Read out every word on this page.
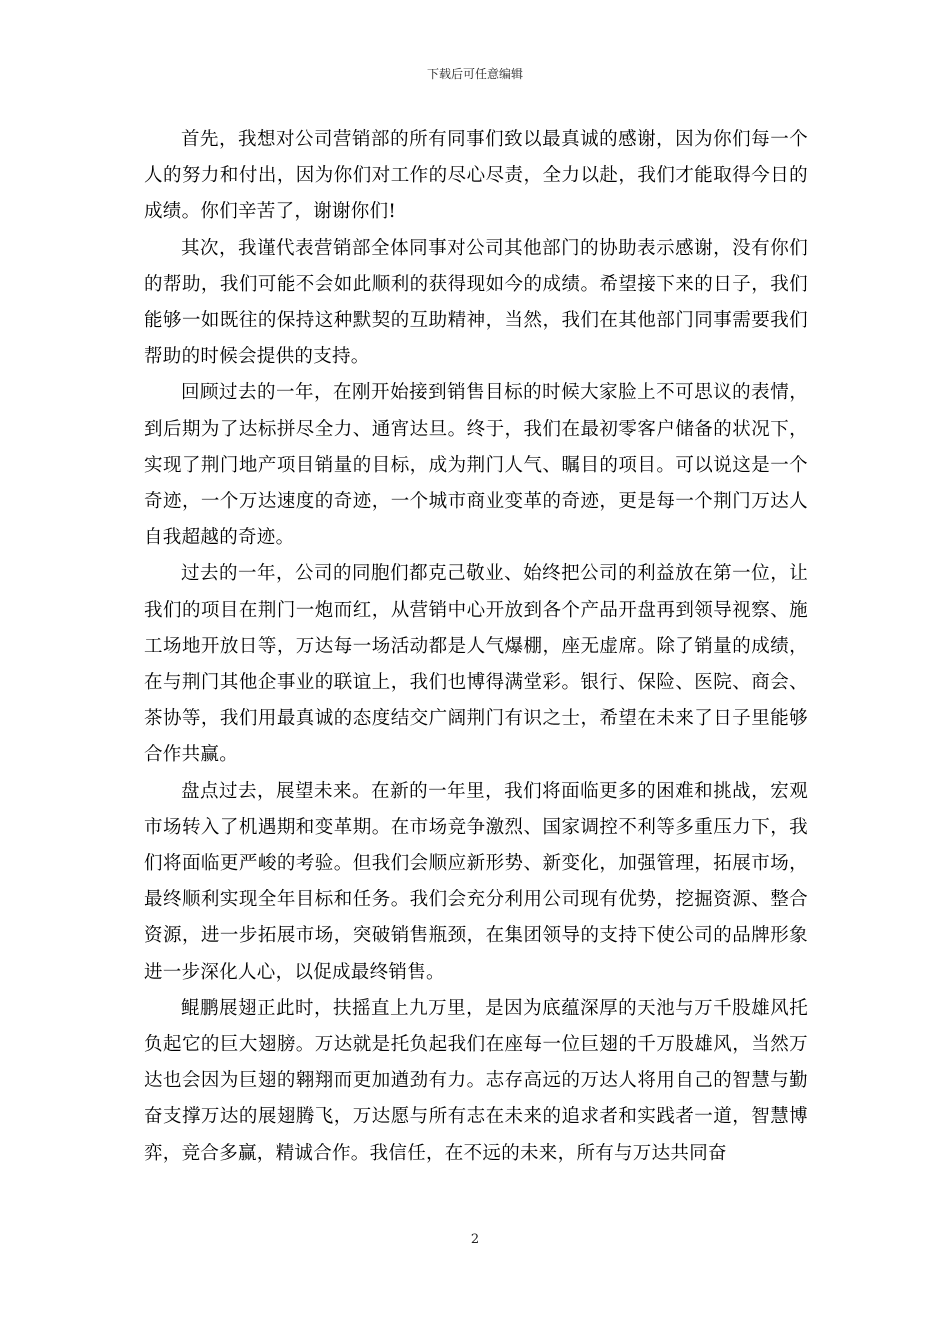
下载后可任意编辑

首先，我想对公司营销部的所有同事们致以最真诚的感谢，因为你们每一个人的努力和付出，因为你们对工作的尽心尽责，全力以赴，我们才能取得今日的成绩。你们辛苦了，谢谢你们!

其次，我谨代表营销部全体同事对公司其他部门的协助表示感谢，没有你们的帮助，我们可能不会如此顺利的获得现如今的成绩。希望接下来的日子，我们能够一如既往的保持这种默契的互助精神，当然，我们在其他部门同事需要我们帮助的时候会提供的支持。

回顾过去的一年，在刚开始接到销售目标的时候大家脸上不可思议的表情，到后期为了达标拼尽全力、通宵达旦。终于，我们在最初零客户储备的状况下，实现了荆门地产项目销量的目标，成为荆门人气、瞩目的项目。可以说这是一个奇迹，一个万达速度的奇迹，一个城市商业变革的奇迹，更是每一个荆门万达人自我超越的奇迹。

过去的一年，公司的同胞们都克己敬业、始终把公司的利益放在第一位，让我们的项目在荆门一炮而红，从营销中心开放到各个产品开盘再到领导视察、施工场地开放日等，万达每一场活动都是人气爆棚，座无虚席。除了销量的成绩，在与荆门其他企事业的联谊上，我们也博得满堂彩。银行、保险、医院、商会、茶协等，我们用最真诚的态度结交广阔荆门有识之士，希望在未来了日子里能够合作共赢。

盘点过去，展望未来。在新的一年里，我们将面临更多的困难和挑战，宏观市场转入了机遇期和变革期。在市场竞争激烈、国家调控不利等多重压力下，我们将面临更严峻的考验。但我们会顺应新形势、新变化，加强管理，拓展市场，最终顺利实现全年目标和任务。我们会充分利用公司现有优势，挖掘资源、整合资源，进一步拓展市场，突破销售瓶颈，在集团领导的支持下使公司的品牌形象进一步深化人心，以促成最终销售。

鲲鹏展翅正此时，扶摇直上九万里，是因为底蕴深厚的天池与万千股雄风托负起它的巨大翅膀。万达就是托负起我们在座每一位巨翅的千万股雄风，当然万达也会因为巨翅的翱翔而更加遒劲有力。志存高远的万达人将用自己的智慧与勤奋支撑万达的展翅腾飞，万达愿与所有志在未来的追求者和实践者一道，智慧博弈，竞合多赢，精诚合作。我信任，在不远的未来，所有与万达共同奋

2
